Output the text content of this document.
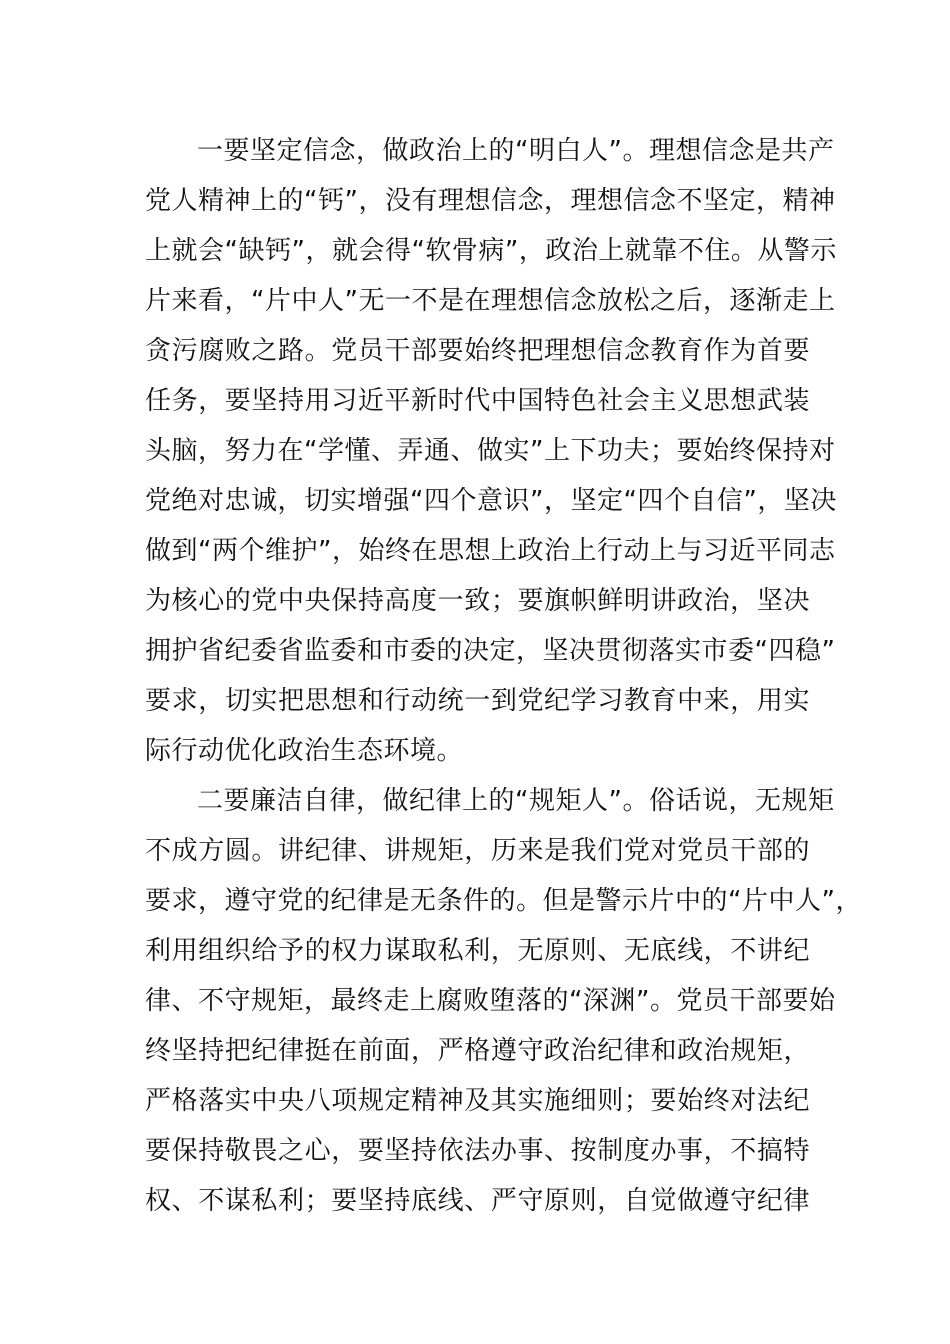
一要坚定信念，做政治上的“明白人”。理想信念是共产
党人精神上的“钙”，没有理想信念，理想信念不坚定，精神
上就会“缺钙”，就会得“软骨病”，政治上就靠不住。从警示
片来看，“片中人”无一不是在理想信念放松之后，逐渐走上
贪污腐败之路。党员干部要始终把理想信念教育作为首要
任务，要坚持用习近平新时代中国特色社会主义思想武装
头脑，努力在“学懂、弄通、做实”上下功夫；要始终保持对
党绝对忠诚，切实增强“四个意识”，坚定“四个自信”，坚决
做到“两个维护”，始终在思想上政治上行动上与习近平同志
为核心的党中央保持高度一致；要旗帜鲜明讲政治，坚决
拥护省纪委省监委和市委的决定，坚决贯彻落实市委“四稳”
要求，切实把思想和行动统一到党纪学习教育中来，用实
际行动优化政治生态环境。
二要廉洁自律，做纪律上的“规矩人”。俗话说，无规矩
不成方圆。讲纪律、讲规矩，历来是我们党对党员干部的
要求，遵守党的纪律是无条件的。但是警示片中的“片中人”，
利用组织给予的权力谋取私利，无原则、无底线，不讲纪
律、不守规矩，最终走上腐败堕落的“深渊”。党员干部要始
终坚持把纪律挺在前面，严格遵守政治纪律和政治规矩，
严格落实中央八项规定精神及其实施细则；要始终对法纪
要保持敬畏之心，要坚持依法办事、按制度办事，不搞特
权、不谋私利；要坚持底线、严守原则，自觉做遵守纪律
